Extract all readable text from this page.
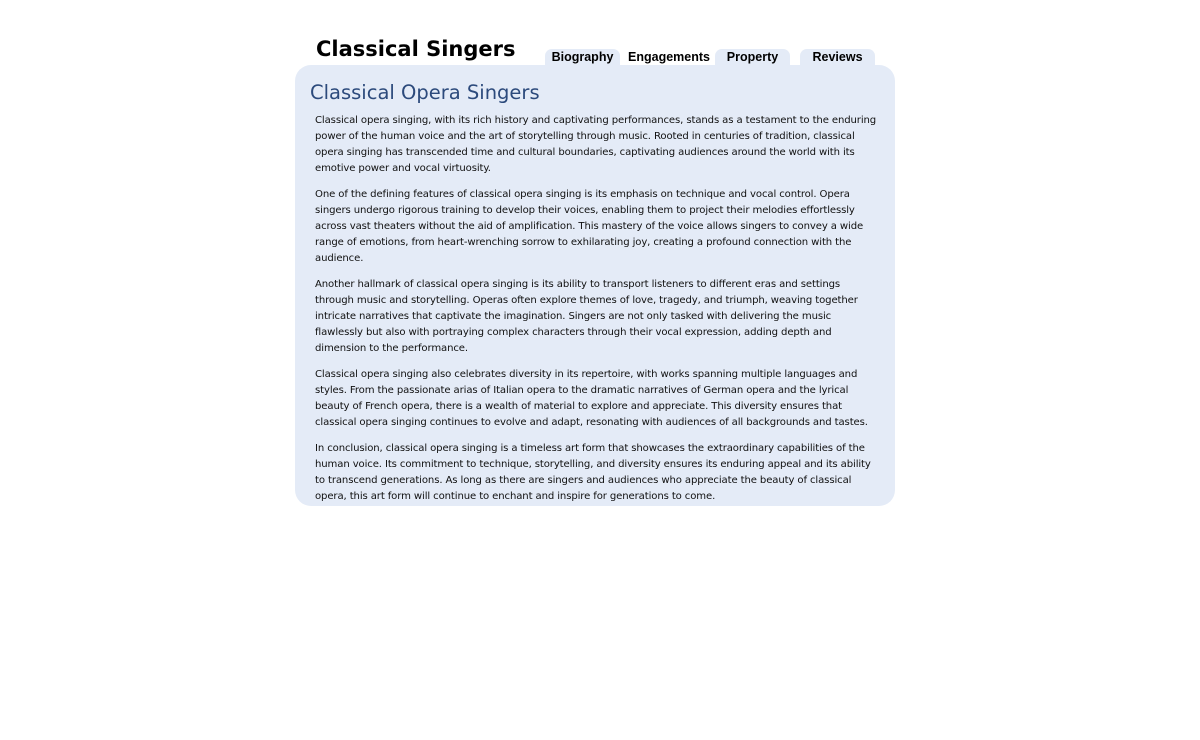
Classical Singers	Biography	Engagements	Property	Reviews
Classical Opera Singers

Classical opera singing, with its rich history and captivating performances, stands as a testament to the enduring power of the human voice and the art of storytelling through music. Rooted in centuries of tradition, classical opera singing has transcended time and cultural boundaries, captivating audiences around the world with its emotive power and vocal virtuosity.

One of the defining features of classical opera singing is its emphasis on technique and vocal control. Opera singers undergo rigorous training to develop their voices, enabling them to project their melodies effortlessly across vast theaters without the aid of amplification. This mastery of the voice allows singers to convey a wide range of emotions, from heart-wrenching sorrow to exhilarating joy, creating a profound connection with the audience.

Another hallmark of classical opera singing is its ability to transport listeners to different eras and settings through music and storytelling. Operas often explore themes of love, tragedy, and triumph, weaving together intricate narratives that captivate the imagination. Singers are not only tasked with delivering the music flawlessly but also with portraying complex characters through their vocal expression, adding depth and dimension to the performance.

Classical opera singing also celebrates diversity in its repertoire, with works spanning multiple languages and styles. From the passionate arias of Italian opera to the dramatic narratives of German opera and the lyrical beauty of French opera, there is a wealth of material to explore and appreciate. This diversity ensures that classical opera singing continues to evolve and adapt, resonating with audiences of all backgrounds and tastes.

In conclusion, classical opera singing is a timeless art form that showcases the extraordinary capabilities of the human voice. Its commitment to technique, storytelling, and diversity ensures its enduring appeal and its ability to transcend generations. As long as there are singers and audiences who appreciate the beauty of classical opera, this art form will continue to enchant and inspire for generations to come.
